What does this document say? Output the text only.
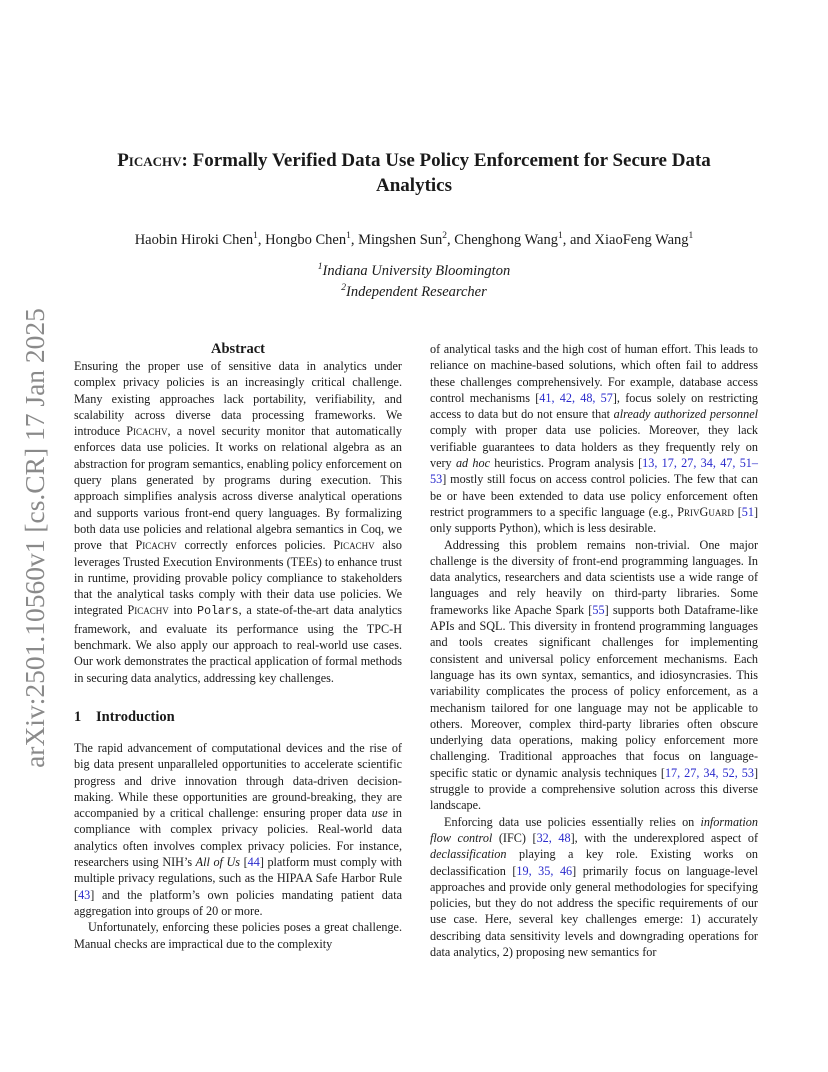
arXiv:2501.10560v1 [cs.CR] 17 Jan 2025
Picachv: Formally Verified Data Use Policy Enforcement for Secure Data
Analytics
Haobin Hiroki Chen$^1$, Hongbo Chen$^1$, Mingshen Sun$^2$, Chenghong Wang$^1$, and XiaoFeng Wang$^1$
$^1$Indiana University Bloomington
$^2$Independent Researcher
Abstract

Ensuring the proper use of sensitive data in analytics under complex privacy policies is an increasingly critical challenge. Many existing approaches lack portability, verifiability, and scalability across diverse data processing frameworks. We introduce Picachv, a novel security monitor that automatically enforces data use policies. It works on relational algebra as an abstraction for program semantics, enabling policy enforcement on query plans generated by programs during execution. This approach simplifies analysis across diverse analytical operations and supports various front-end query languages. By formalizing both data use policies and relational algebra semantics in Coq, we prove that Picachv correctly enforces policies. Picachv also leverages Trusted Execution Environments (TEEs) to enhance trust in runtime, providing provable policy compliance to stakeholders that the analytical tasks comply with their data use policies. We integrated Picachv into Polars, a state-of-the-art data analytics framework, and evaluate its performance using the TPC-H benchmark. We also apply our approach to real-world use cases. Our work demonstrates the practical application of formal methods in securing data analytics, addressing key challenges.

1 Introduction

The rapid advancement of computational devices and the rise of big data present unparalleled opportunities to accelerate scientific progress and drive innovation through data-driven decision-making. While these opportunities are ground-breaking, they are accompanied by a critical challenge: ensuring proper data use in compliance with complex privacy policies. Real-world data analytics often involves complex privacy policies. For instance, researchers using NIH’s All of Us [44] platform must comply with multiple privacy regulations, such as the HIPAA Safe Harbor Rule [43] and the platform’s own policies mandating patient data aggregation into groups of 20 or more.

Unfortunately, enforcing these policies poses a great challenge. Manual checks are impractical due to the complexity

of analytical tasks and the high cost of human effort. This leads to reliance on machine-based solutions, which often fail to address these challenges comprehensively. For example, database access control mechanisms [41, 42, 48, 57], focus solely on restricting access to data but do not ensure that already authorized personnel comply with proper data use policies. Moreover, they lack verifiable guarantees to data holders as they frequently rely on very ad hoc heuristics. Program analysis [13, 17, 27, 34, 47, 51–53] mostly still focus on access control policies. The few that can be or have been extended to data use policy enforcement often restrict programmers to a specific language (e.g., PrivGuard [51] only supports Python), which is less desirable.

Addressing this problem remains non-trivial. One major challenge is the diversity of front-end programming languages. In data analytics, researchers and data scientists use a wide range of languages and rely heavily on third-party libraries. Some frameworks like Apache Spark [55] supports both Dataframe-like APIs and SQL. This diversity in frontend programming languages and tools creates significant challenges for implementing consistent and universal policy enforcement mechanisms. Each language has its own syntax, semantics, and idiosyncrasies. This variability complicates the process of policy enforcement, as a mechanism tailored for one language may not be applicable to others. Moreover, complex third-party libraries often obscure underlying data operations, making policy enforcement more challenging. Traditional approaches that focus on language-specific static or dynamic analysis techniques [17, 27, 34, 52, 53] struggle to provide a comprehensive solution across this diverse landscape.

Enforcing data use policies essentially relies on information flow control (IFC) [32, 48], with the underexplored aspect of declassification playing a key role. Existing works on declassification [19, 35, 46] primarily focus on language-level approaches and provide only general methodologies for specifying policies, but they do not address the specific requirements of our use case. Here, several key challenges emerge: 1) accurately describing data sensitivity levels and downgrading operations for data analytics, 2) proposing new semantics for
